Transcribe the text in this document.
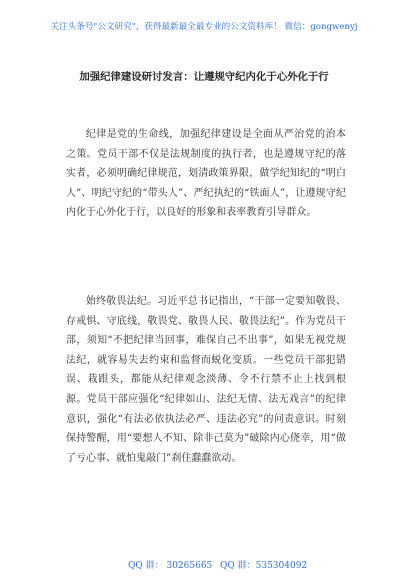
关注头条号"公文研究"，获得最新最全最专业的公文资料库！ 微信：gongwenyj
加强纪律建设研讨发言：让遵规守纪内化于心外化于行

纪律是党的生命线，加强纪律建设是全面从严治党的治本之策。党员干部不仅是法规制度的执行者，也是遵规守纪的落实者，必须明确纪律规范，划清政策界限，做学纪知纪的“明白人”、明纪守纪的“带头人”、严纪执纪的“铁面人”，让遵规守纪内化于心外化于行，以良好的形象和表率教育引导群众。

始终敬畏法纪。习近平总书记指出，“干部一定要知敬畏、存戒惧、守底线，敬畏党、敬畏人民、敬畏法纪”。作为党员干部，须知“不把纪律当回事，难保自己不出事”，如果无视党规法纪，就容易失去约束和监督而蜕化变质。一些党员干部犯错误、栽跟头，都能从纪律观念淡薄、令不行禁不止上找到根源。党员干部应强化“纪律如山、法纪无情、法无戏言”的纪律意识，强化“有法必依执法必严、违法必究”的问责意识。时刻保持警醒，用“要想人不知、除非己莫为”破除内心侥幸，用“做了亏心事、就怕鬼敲门”刹住蠢蠢欲动。

QQ 群： 30265665 QQ 群：535304092
